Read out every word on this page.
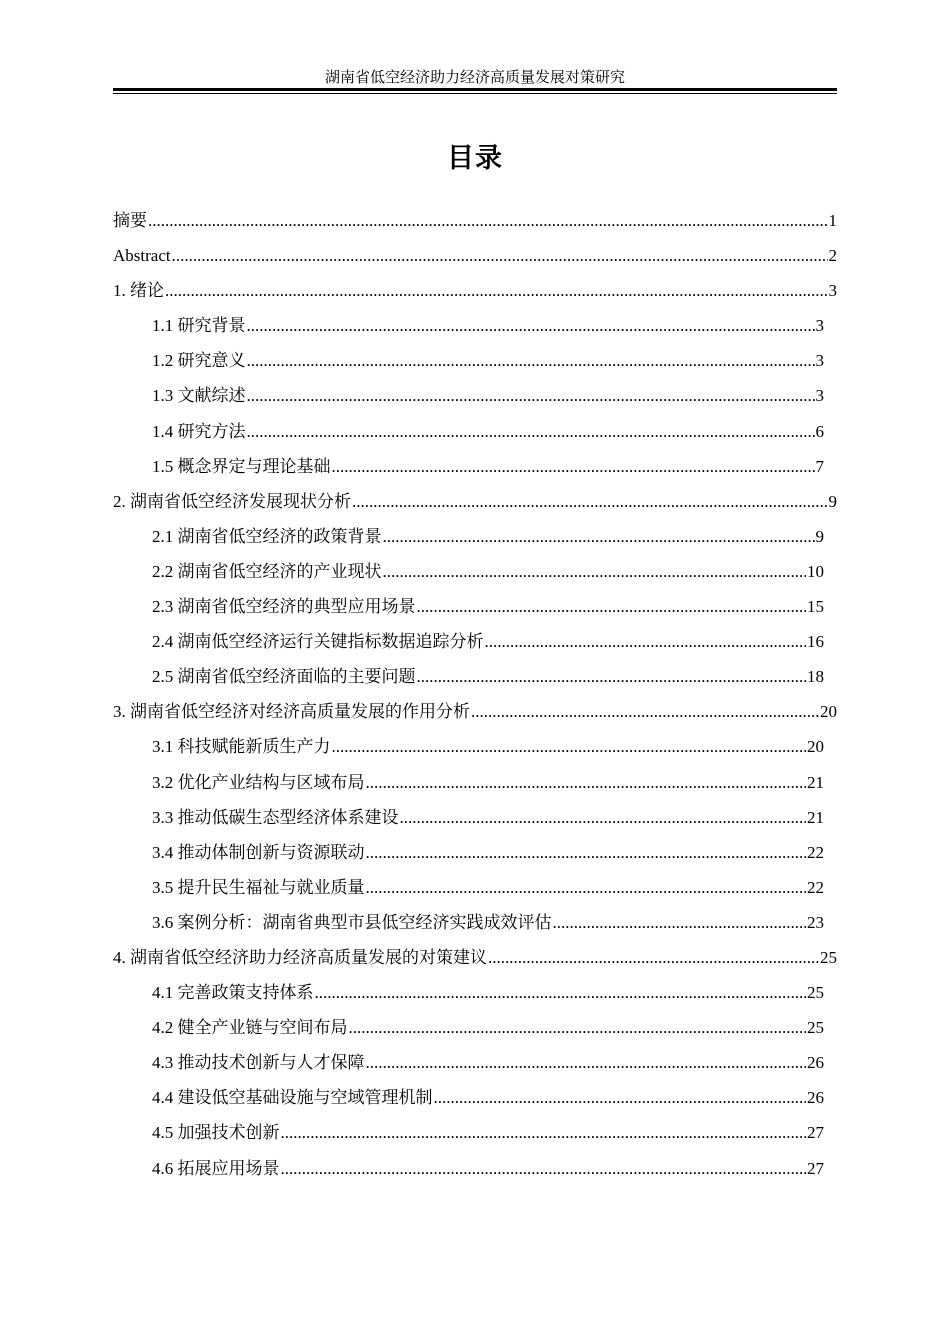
湖南省低空经济助力经济高质量发展对策研究
目录
摘要 .....	1
Abstract .....	2
1. 绪论 .....	3
1.1 研究背景 .....	3
1.2 研究意义 .....	3
1.3 文献综述 .....	3
1.4 研究方法 .....	6
1.5 概念界定与理论基础 .....	7
2. 湖南省低空经济发展现状分析 .....	9
2.1 湖南省低空经济的政策背景 .....	9
2.2 湖南省低空经济的产业现状 .....	10
2.3 湖南省低空经济的典型应用场景 .....	15
2.4 湖南低空经济运行关键指标数据追踪分析 .....	16
2.5 湖南省低空经济面临的主要问题 .....	18
3. 湖南省低空经济对经济高质量发展的作用分析 .....	20
3.1 科技赋能新质生产力 .....	20
3.2 优化产业结构与区域布局 .....	21
3.3 推动低碳生态型经济体系建设 .....	21
3.4 推动体制创新与资源联动 .....	22
3.5 提升民生福祉与就业质量 .....	22
3.6 案例分析：湖南省典型市县低空经济实践成效评估 .....	23
4. 湖南省低空经济助力经济高质量发展的对策建议 .....	25
4.1 完善政策支持体系 .....	25
4.2 健全产业链与空间布局 .....	25
4.3 推动技术创新与人才保障 .....	26
4.4 建设低空基础设施与空域管理机制 .....	26
4.5 加强技术创新 .....	27
4.6 拓展应用场景 .....	27
